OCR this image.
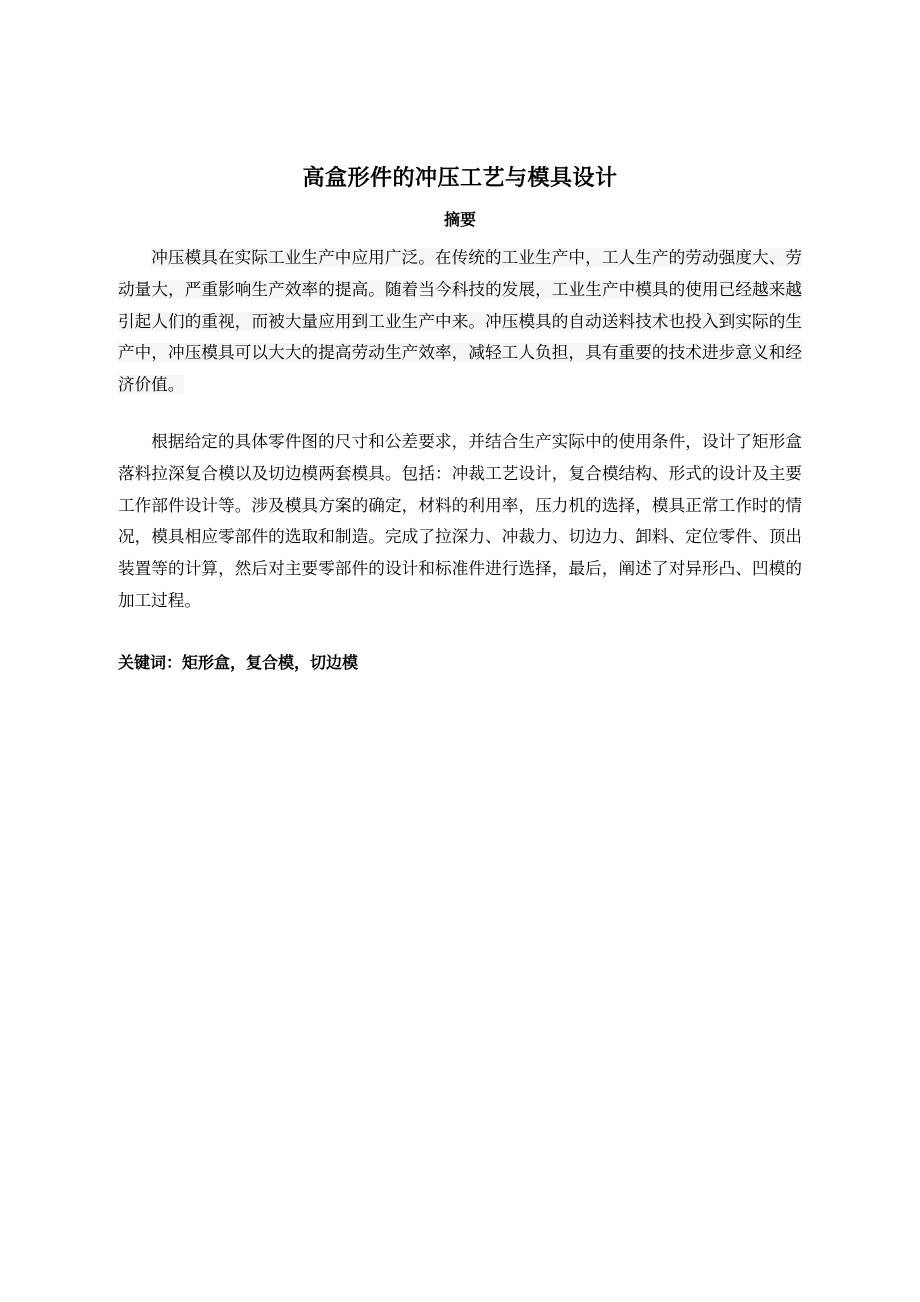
高盒形件的冲压工艺与模具设计
摘要

冲压模具在实际工业生产中应用广泛。在传统的工业生产中，工人生产的劳动强度大、劳动量大，严重影响生产效率的提高。随着当今科技的发展，工业生产中模具的使用已经越来越引起人们的重视，而被大量应用到工业生产中来。冲压模具的自动送料技术也投入到实际的生产中，冲压模具可以大大的提高劳动生产效率，减轻工人负担，具有重要的技术进步意义和经济价值。

根据给定的具体零件图的尺寸和公差要求，并结合生产实际中的使用条件，设计了矩形盒落料拉深复合模以及切边模两套模具。包括：冲裁工艺设计，复合模结构、形式的设计及主要工作部件设计等。涉及模具方案的确定，材料的利用率，压力机的选择，模具正常工作时的情况，模具相应零部件的选取和制造。完成了拉深力、冲裁力、切边力、卸料、定位零件、顶出装置等的计算，然后对主要零部件的设计和标准件进行选择，最后，阐述了对异形凸、凹模的加工过程。

关键词：矩形盒，复合模，切边模
